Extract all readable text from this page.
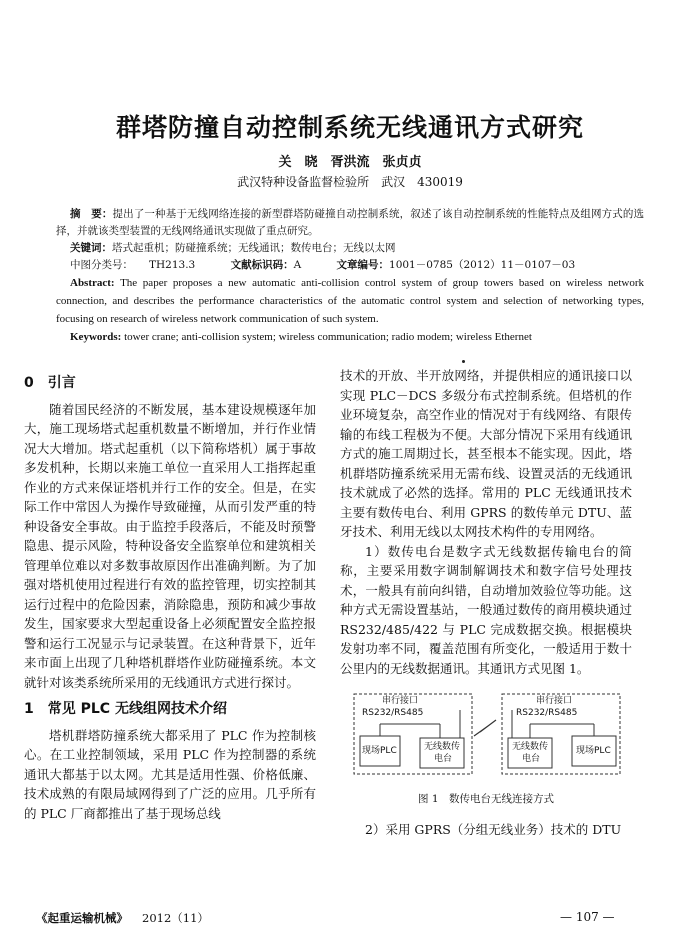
群塔防撞自动控制系统无线通讯方式研究
关　晓　胥洪流　张贞贞
武汉特种设备监督检验所　武汉　430019

摘　要：提出了一种基于无线网络连接的新型群塔防碰撞自动控制系统，叙述了该自动控制系统的性能特点及组网方式的选择，并就该类型装置的无线网络通讯实现做了重点研究。

关键词：塔式起重机；防碰撞系统；无线通讯；数传电台；无线以太网

中图分类号： TH213.3	文献标识码：A	文章编号：1001－0785（2012）11－0107－03

Abstract: The paper proposes a new automatic anti-collision control system of group towers based on wireless network connection, and describes the performance characteristics of the automatic control system and selection of networking types, focusing on research of wireless network communication of such system.

Keywords: tower crane; anti-collision system; wireless communication; radio modem; wireless Ethernet

0 引言

随着国民经济的不断发展，基本建设规模逐年加大，施工现场塔式起重机数量不断增加，并行作业情况大大增加。塔式起重机（以下简称塔机）属于事故多发机种，长期以来施工单位一直采用人工指挥起重作业的方式来保证塔机并行工作的安全。但是，在实际工作中常因人为操作导致碰撞，从而引发严重的特种设备安全事故。由于监控手段落后，不能及时预警隐患、提示风险，特种设备安全监察单位和建筑相关管理单位难以对多数事故原因作出准确判断。为了加强对塔机使用过程进行有效的监控管理，切实控制其运行过程中的危险因素，消除隐患，预防和减少事故发生，国家要求大型起重设备上必须配置安全监控报警和运行工况显示与记录装置。在这种背景下，近年来市面上出现了几种塔机群塔作业防碰撞系统。本文就针对该类系统所采用的无线通讯方式进行探讨。

1 常见 PLC 无线组网技术介绍

塔机群塔防撞系统大都采用了 PLC 作为控制核心。在工业控制领域，采用 PLC 作为控制器的系统通讯大都基于以太网。尤其是适用性强、价格低廉、技术成熟的有限局域网得到了广泛的应用。几乎所有的 PLC 厂商都推出了基于现场总线

技术的开放、半开放网络，并提供相应的通讯接口以实现 PLC－DCS 多级分布式控制系统。但塔机的作业环境复杂，高空作业的情况对于有线网络、有限传输的布线工程极为不便。大部分情况下采用有线通讯方式的施工周期过长，甚至根本不能实现。因此，塔机群塔防撞系统采用无需布线、设置灵活的无线通讯技术就成了必然的选择。常用的 PLC 无线通讯技术主要有数传电台、利用 GPRS 的数传单元 DTU、蓝牙技术、利用无线以太网技术构件的专用网络。

1）数传电台是数字式无线数据传输电台的简称，主要采用数字调制解调技术和数字信号处理技术，一般具有前向纠错，自动增加效验位等功能。这种方式无需设置基站，一般通过数传的商用模块通过 RS232/485/422 与 PLC 完成数据交换。根据模块发射功率不同，覆盖范围有所变化，一般适用于数十公里内的无线数据通讯。其通讯方式见图 1。

串行接口
RS232/RS485
串行接口
RS232/RS485
现场PLC	无线数传
电台
无线数传
电台
现场PLC
图 1　数传电台无线连接方式

2）采用 GPRS（分组无线业务）技术的 DTU

《起重运输机械》 2012（11）	— 107 —
